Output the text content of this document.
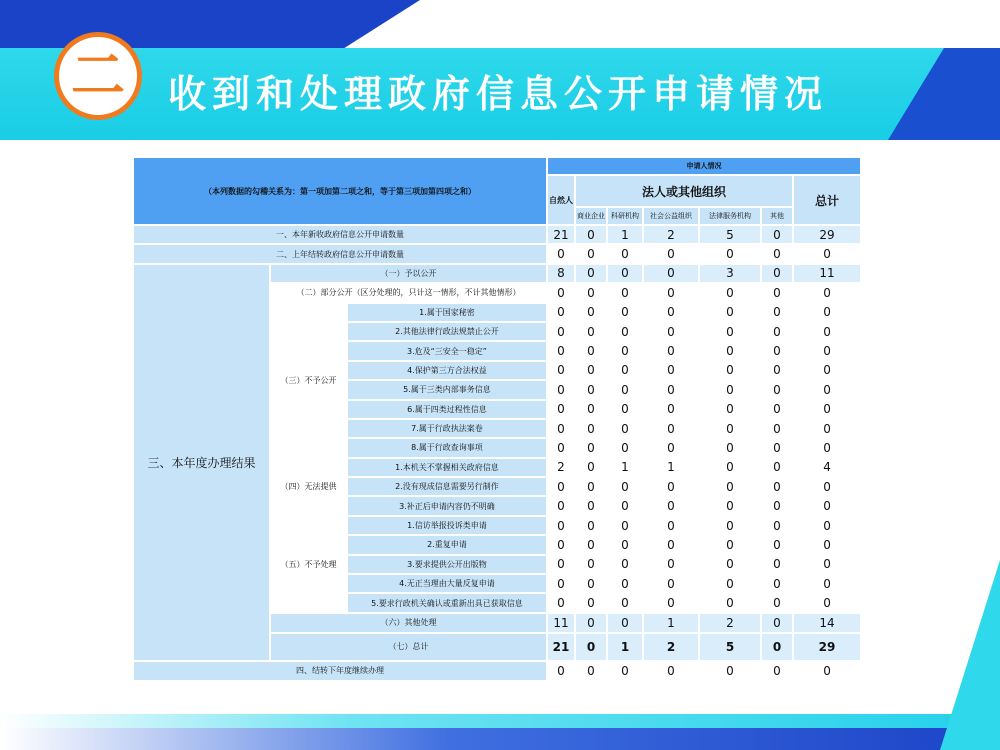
二	收到和处理政府信息公开申请情况
（本列数据的勾稽关系为：第一项加第二项之和，等于第三项加第四项之和）			申请人情况						
			自然人	法人或其他组织					总计
				商业企业	科研机构	社会公益组织	法律服务机构	其他	
一、本年新收政府信息公开申请数量			21	0	1	2	5	0	29
二、上年结转政府信息公开申请数量			0	0	0	0	0	0	0
三、本年度办理结果	（一）予以公开		8	0	0	0	3	0	11
	（二）部分公开（区分处理的，只计这一情形，不计其他情形）		0	0	0	0	0	0	0
	（三）不予公开	1.属于国家秘密	0	0	0	0	0	0	0
		2.其他法律行政法规禁止公开	0	0	0	0	0	0	0
		3.危及“三安全一稳定”	0	0	0	0	0	0	0
		4.保护第三方合法权益	0	0	0	0	0	0	0
		5.属于三类内部事务信息	0	0	0	0	0	0	0
		6.属于四类过程性信息	0	0	0	0	0	0	0
		7.属于行政执法案卷	0	0	0	0	0	0	0
		8.属于行政查询事项	0	0	0	0	0	0	0
	（四）无法提供	1.本机关不掌握相关政府信息	2	0	1	1	0	0	4
		2.没有现成信息需要另行制作	0	0	0	0	0	0	0
		3.补正后申请内容仍不明确	0	0	0	0	0	0	0
	（五）不予处理	1.信访举报投诉类申请	0	0	0	0	0	0	0
		2.重复申请	0	0	0	0	0	0	0
		3.要求提供公开出版物	0	0	0	0	0	0	0
		4.无正当理由大量反复申请	0	0	0	0	0	0	0
		5.要求行政机关确认或重新出具已获取信息	0	0	0	0	0	0	0
	（六）其他处理		11	0	0	1	2	0	14
	（七）总计		21	0	1	2	5	0	29
四、结转下年度继续办理			0	0	0	0	0	0	0
